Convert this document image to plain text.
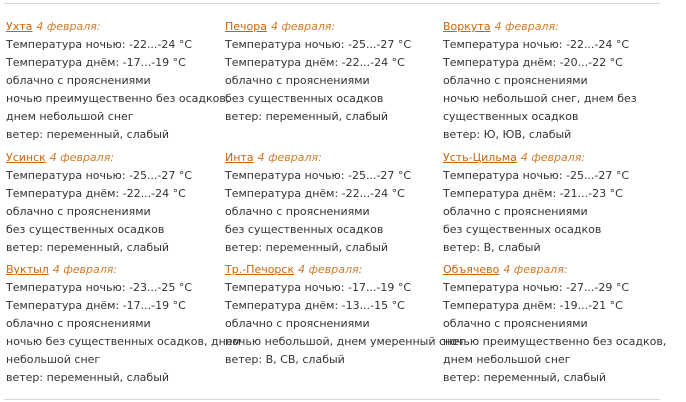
Ухта 4 февраля:
Температура ночью: -22...-24 °C
Температура днём: -17...-19 °C
облачно с прояснениями
ночью преимущественно без осадков,
днем небольшой снег
ветер: переменный, слабый
Печора 4 февраля:
Температура ночью: -25...-27 °C
Температура днём: -22...-24 °C
облачно с прояснениями
без существенных осадков
ветер: переменный, слабый
Воркута 4 февраля:
Температура ночью: -22...-24 °C
Температура днём: -20...-22 °C
облачно с прояснениями
ночью небольшой снег, днем без
существенных осадков
ветер: Ю, ЮВ, слабый
Усинск 4 февраля:
Температура ночью: -25...-27 °C
Температура днём: -22...-24 °C
облачно с прояснениями
без существенных осадков
ветер: переменный, слабый
Инта 4 февраля:
Температура ночью: -25...-27 °C
Температура днём: -22...-24 °C
облачно с прояснениями
без существенных осадков
ветер: переменный, слабый
Усть-Цильма 4 февраля:
Температура ночью: -25...-27 °C
Температура днём: -21...-23 °C
облачно с прояснениями
без существенных осадков
ветер: В, слабый
Вуктыл 4 февраля:
Температура ночью: -23...-25 °C
Температура днём: -17...-19 °C
облачно с прояснениями
ночью без существенных осадков, днем
небольшой снег
ветер: переменный, слабый
Тр.-Печорск 4 февраля:
Температура ночью: -17...-19 °C
Температура днём: -13...-15 °C
облачно с прояснениями
ночью небольшой, днем умеренный снег
ветер: В, СВ, слабый
Объячево 4 февраля:
Температура ночью: -27...-29 °C
Температура днём: -19...-21 °C
облачно с прояснениями
ночью преимущественно без осадков,
днем небольшой снег
ветер: переменный, слабый
